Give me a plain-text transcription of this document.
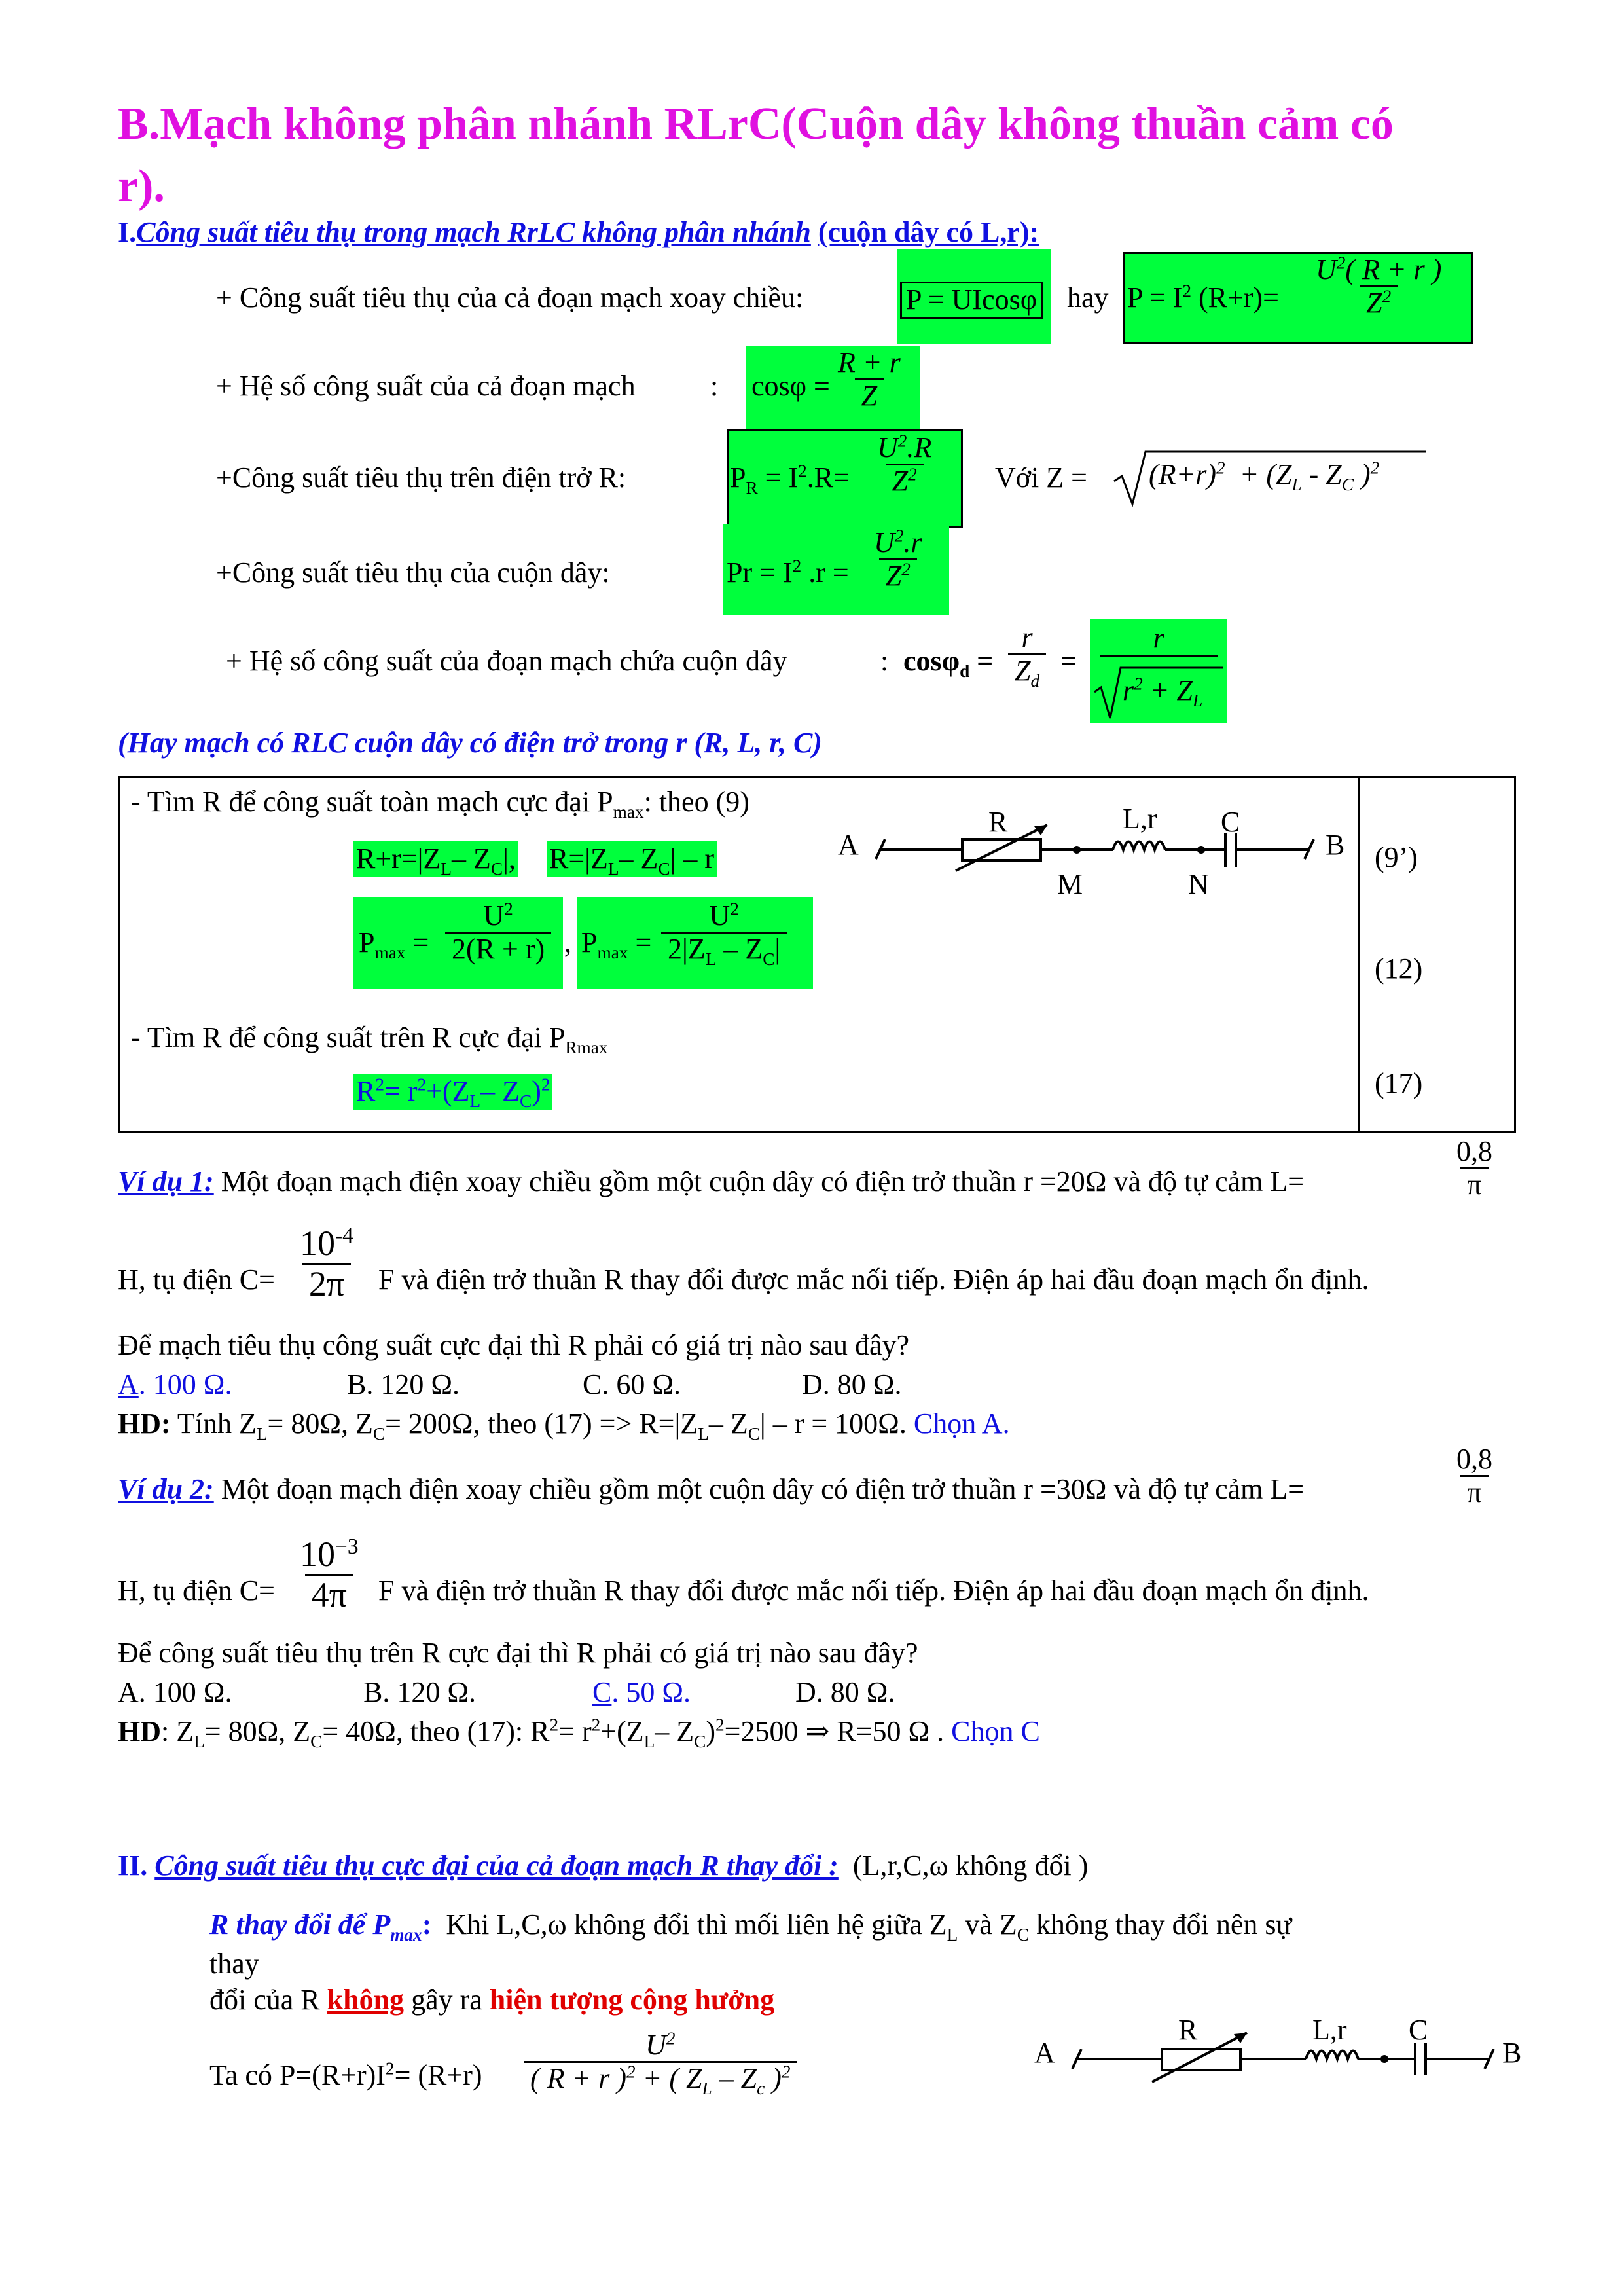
B.Mạch không phân nhánh RLrC(Cuộn dây không thuần cảm có
r).
I.Công suất tiêu thụ trong mạch RrLC không phân nhánh (cuộn dây có L,r):
+ Công suất tiêu thụ của cả đoạn mạch xoay chiều:	P = UIcosφ hay $P = I^2$ $(R+r)= \frac{U^2( R + r )}{Z^2}$
+ Hệ số công suất của cả đoạn mạch	: $\cos\varphi = \frac{R + r}{Z}$
+Công suất tiêu thụ trên điện trở R:	$P_R = I^2.R= \frac{U^2.R}{Z^2}$ Với $Z = (R+r)^2 + (Z_L - Z_C$ )$^2$
+Công suất tiêu thụ của cuộn dây:	$Pr = I^2$ $.r = \frac{U^2.r}{Z^2}$
+ Hệ số công suất của đoạn mạch chứa cuộn dây	: $\cos\varphi_d = \frac{r}{Z_d}$ =
r
$r^2 + Z_L$
(Hay mạch có RLC cuộn dây có điện trở trong r (R, L, r, C)
- Tìm R để công suất toàn mạch cực đại $P_{max}$: theo (9)
$R+r=|Z_L-$ $Z_C|$, $R=|Z_L-$ $Z_C|$ – r
$P_{max} = \frac{U^2}{2(R + r)}$ , $P_{max} = \frac{U^2}{2|Z_L - Z_C|}$
- Tìm R để công suất trên R cực đại $P_{Rmax}$
$R^2= r^2+(Z_L-$ $Z_C)^2$
(9’)
(12)
(17)
A	B
R	L,r C
M	N
Ví dụ 1: Một đoạn mạch điện xoay chiều gồm một cuộn dây có điện trở thuần r =20Ω và độ tự cảm L=	$\frac{0,8}{\pi}$
H, tụ điện $C= \frac{10^{-4}}{2\pi}$ F và điện trở thuần R thay đổi được mắc nối tiếp. Điện áp hai đầu đoạn mạch ổn định.
Để mạch tiêu thụ công suất cực đại thì R phải có giá trị nào sau đây?
A. 100 Ω.	B. 120 Ω.	C. 60 Ω.	D. 80 Ω.
HD: Tính $Z_L= 80\Omega$, $Z_C= 200\Omega$, theo $(17) => R=|Z_L-$ $Z_C| - r = 100\Omega$. Chọn A.
Ví dụ 2: Một đoạn mạch điện xoay chiều gồm một cuộn dây có điện trở thuần r =30Ω và độ tự cảm L=	$\frac{0,8}{\pi}$
H, tụ điện $C= \frac{10^{-3}}{4\pi}$ F và điện trở thuần R thay đổi được mắc nối tiếp. Điện áp hai đầu đoạn mạch ổn định.
Để công suất tiêu thụ trên R cực đại thì R phải có giá trị nào sau đây?
A. 100 Ω.	B. 120 Ω.	C. 50 Ω.	D. 80 Ω.
HD: $Z_L= 80\Omega$, $Z_C= 40\Omega$, theo (17): $R^2= r^2+(Z_L-$ $Z_C)^2=2500$ ⇒ R=50 Ω . Chọn C
II. Công suất tiêu thụ cực đại của cả đoạn mạch R thay đổi : (L,r,C,ω không đổi )
R thay đổi để $P_{max}$: Khi L,C,ω không đổi thì mối liên hệ giữa $Z_L$ và $Z_C$ không thay đổi nên sự
thay
đổi của R không gây ra hiện tượng cộng hưởng
Ta có $P=(R+r)I^2= (R+r) \frac{U^2}{( R + r )^2 + ( Z_L - Z_c )^2}$	A	B
R	L,r C
